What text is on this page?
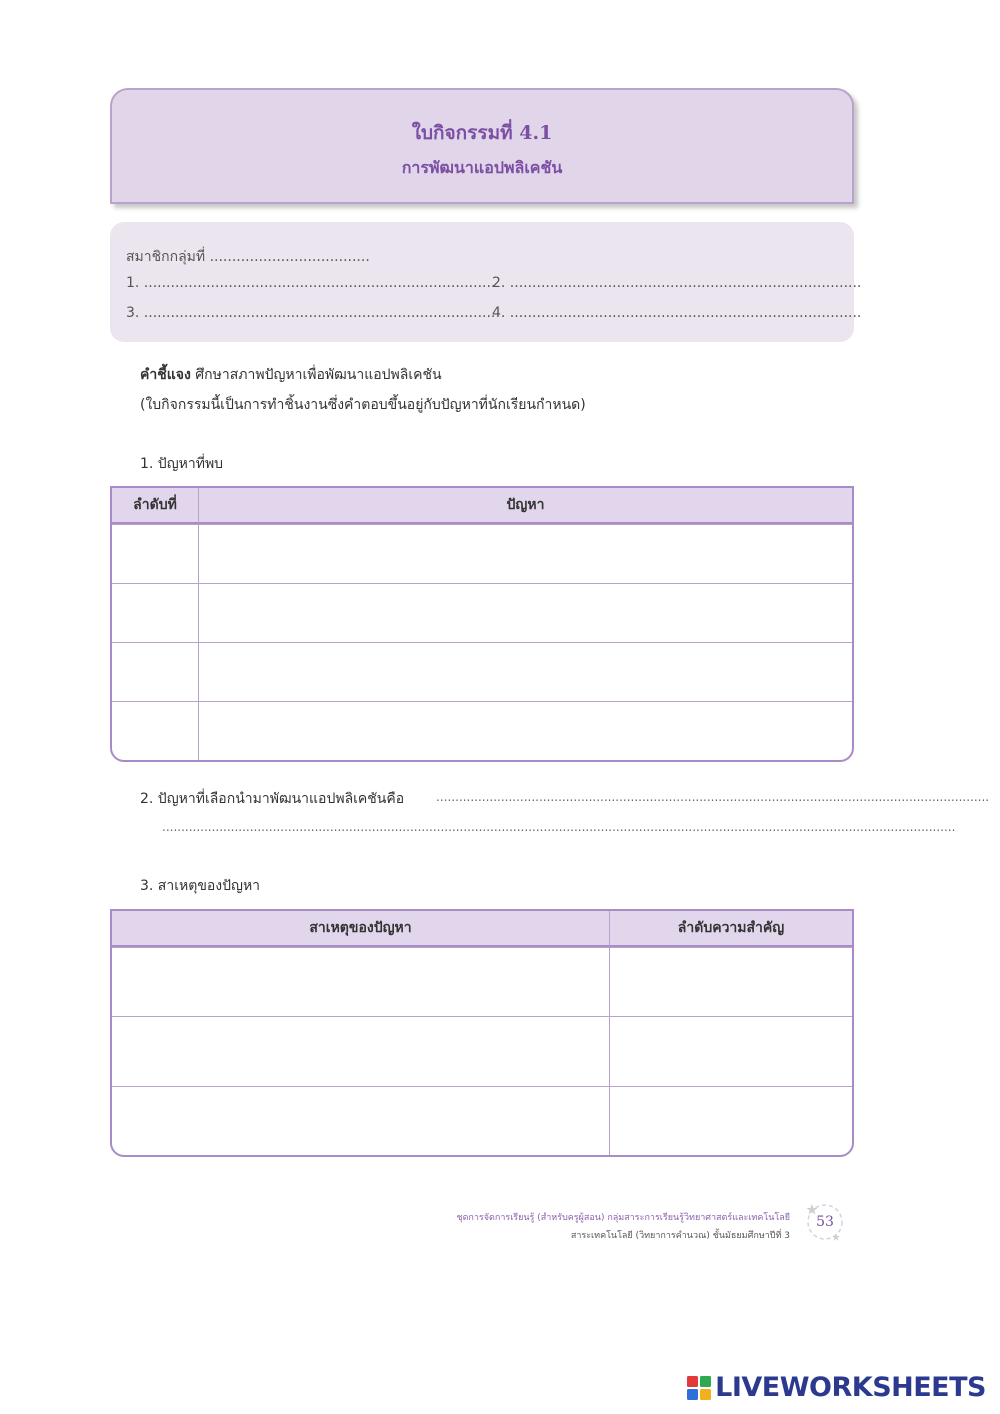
ใบกิจกรรมที่ 4.1
การพัฒนาแอปพลิเคชัน
สมาชิกกลุ่มที่ ....................................
1. ...............................................................................
2. ...............................................................................
3. ...............................................................................
4. ...............................................................................
คำชี้แจง ศึกษาสภาพปัญหาเพื่อพัฒนาแอปพลิเคชัน
(ใบกิจกรรมนี้เป็นการทำชิ้นงานซึ่งคำตอบขึ้นอยู่กับปัญหาที่นักเรียนกำหนด)
1. ปัญหาที่พบ
ลำดับที่	ปัญหา

2. ปัญหาที่เลือกนำมาพัฒนาแอปพลิเคชันคือ	.................................................................................................................................................
................................................................................................................................................................................................................
3. สาเหตุของปัญหา
สาเหตุของปัญหา	ลำดับความสำคัญ

ชุดการจัดการเรียนรู้ (สำหรับครูผู้สอน) กลุ่มสาระการเรียนรู้วิทยาศาสตร์และเทคโนโลยี
สาระเทคโนโลยี (วิทยาการคำนวณ) ชั้นมัธยมศึกษาปีที่ 3
53
LIVEWORKSHEETS
